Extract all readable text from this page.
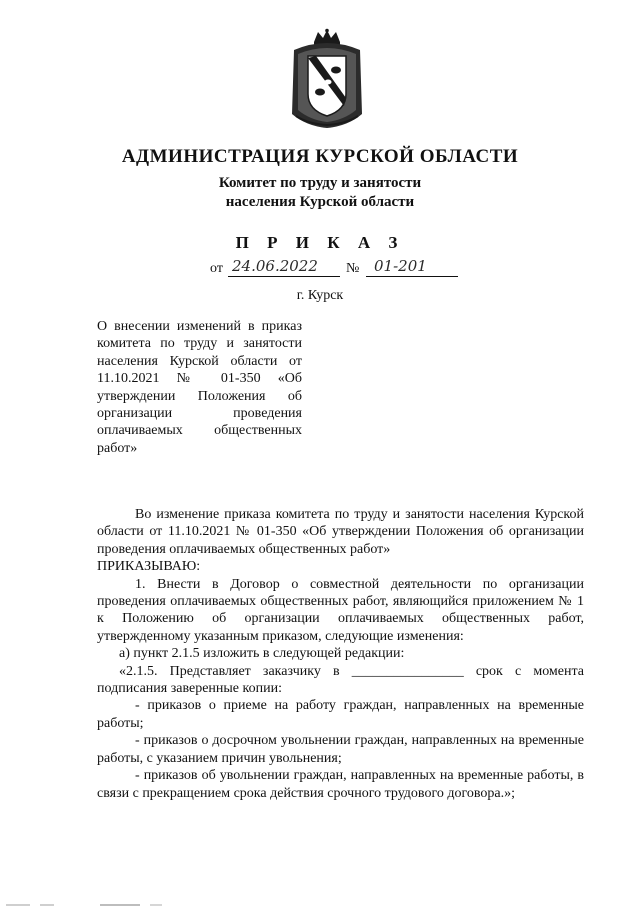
АДМИНИСТРАЦИЯ КУРСКОЙ ОБЛАСТИ
Комитет по труду и занятости
населения Курской области
П Р И К А З
от 24.06.2022 № 01-201
г. Курск
О внесении изменений в приказ комитета по труду и занятости населения Курской области от 11.10.2021 № 01-350 «Об утверждении Положения об организации проведения оплачиваемых общественных работ»

Во изменение приказа комитета по труду и занятости населения Курской области от 11.10.2021 № 01-350 «Об утверждении Положения об организации проведения оплачиваемых общественных работ»

ПРИКАЗЫВАЮ:

1. Внести в Договор о совместной деятельности по организации проведения оплачиваемых общественных работ, являющийся приложением № 1 к Положению об организации оплачиваемых общественных работ, утвержденному указанным приказом, следующие изменения:

а) пункт 2.1.5 изложить в следующей редакции:

«2.1.5. Представляет заказчику в ________________ срок с момента подписания заверенные копии:

- приказов о приеме на работу граждан, направленных на временные работы;

- приказов о досрочном увольнении граждан, направленных на временные работы, с указанием причин увольнения;

- приказов об увольнении граждан, направленных на временные работы, в связи с прекращением срока действия срочного трудового договора.»;
